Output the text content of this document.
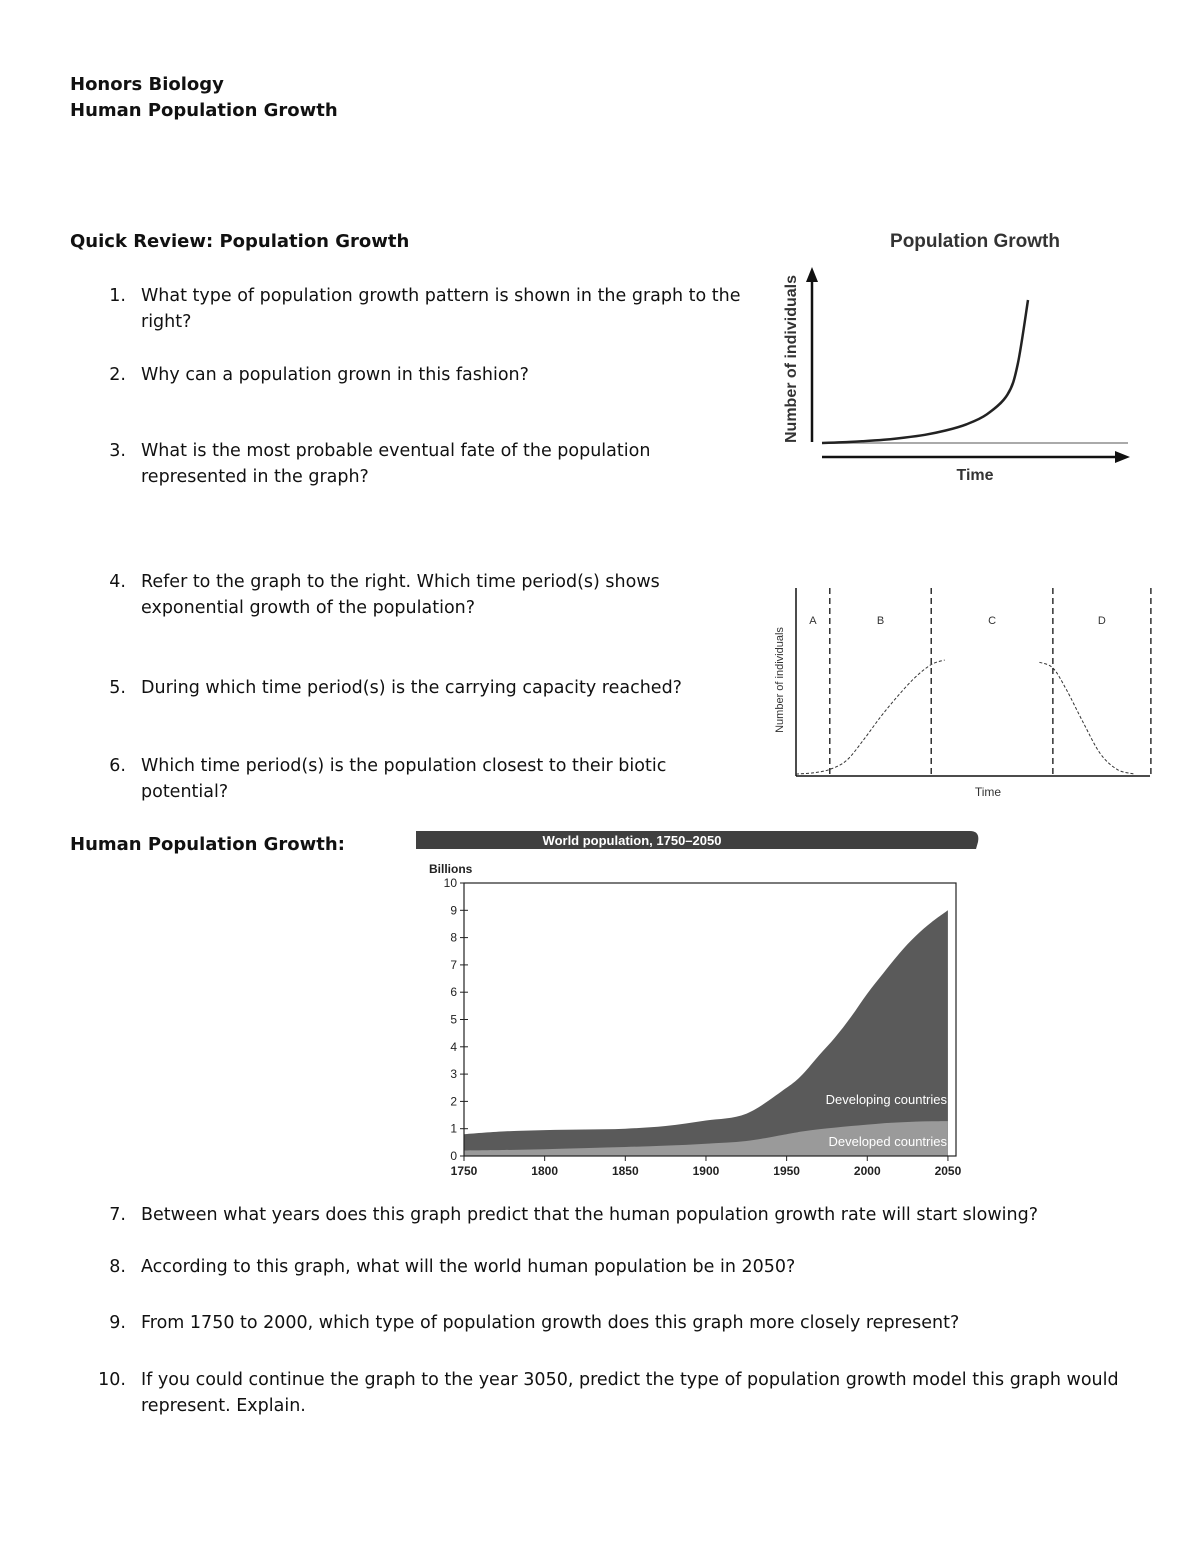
Honors Biology
Human Population Growth
Quick Review: Population Growth
Human Population Growth:
1. What type of population growth pattern is shown in the graph to the
right?
2. Why can a population grown in this fashion?
3. What is the most probable eventual fate of the population
represented in the graph?
4. Refer to the graph to the right. Which time period(s) shows
exponential growth of the population?
5. During which time period(s) is the carrying capacity reached?
6. Which time period(s) is the population closest to their biotic
potential?
7. Between what years does this graph predict that the human population growth rate will start slowing?
8. According to this graph, what will the world human population be in 2050?
9. From 1750 to 2000, which type of population growth does this graph more closely represent?
10. If you could continue the graph to the year 3050, predict the type of population growth model this graph would
represent. Explain.
Population Growth
Time
Number of individuals
A	B	C	D
Time
Number of individuals
World population, 1750–2050
Billions
0
1
2
3
4
5
6
7
8
9
10
1750	1800	1850	1900	1950	2000	2050
Developing countries
Developed countries
